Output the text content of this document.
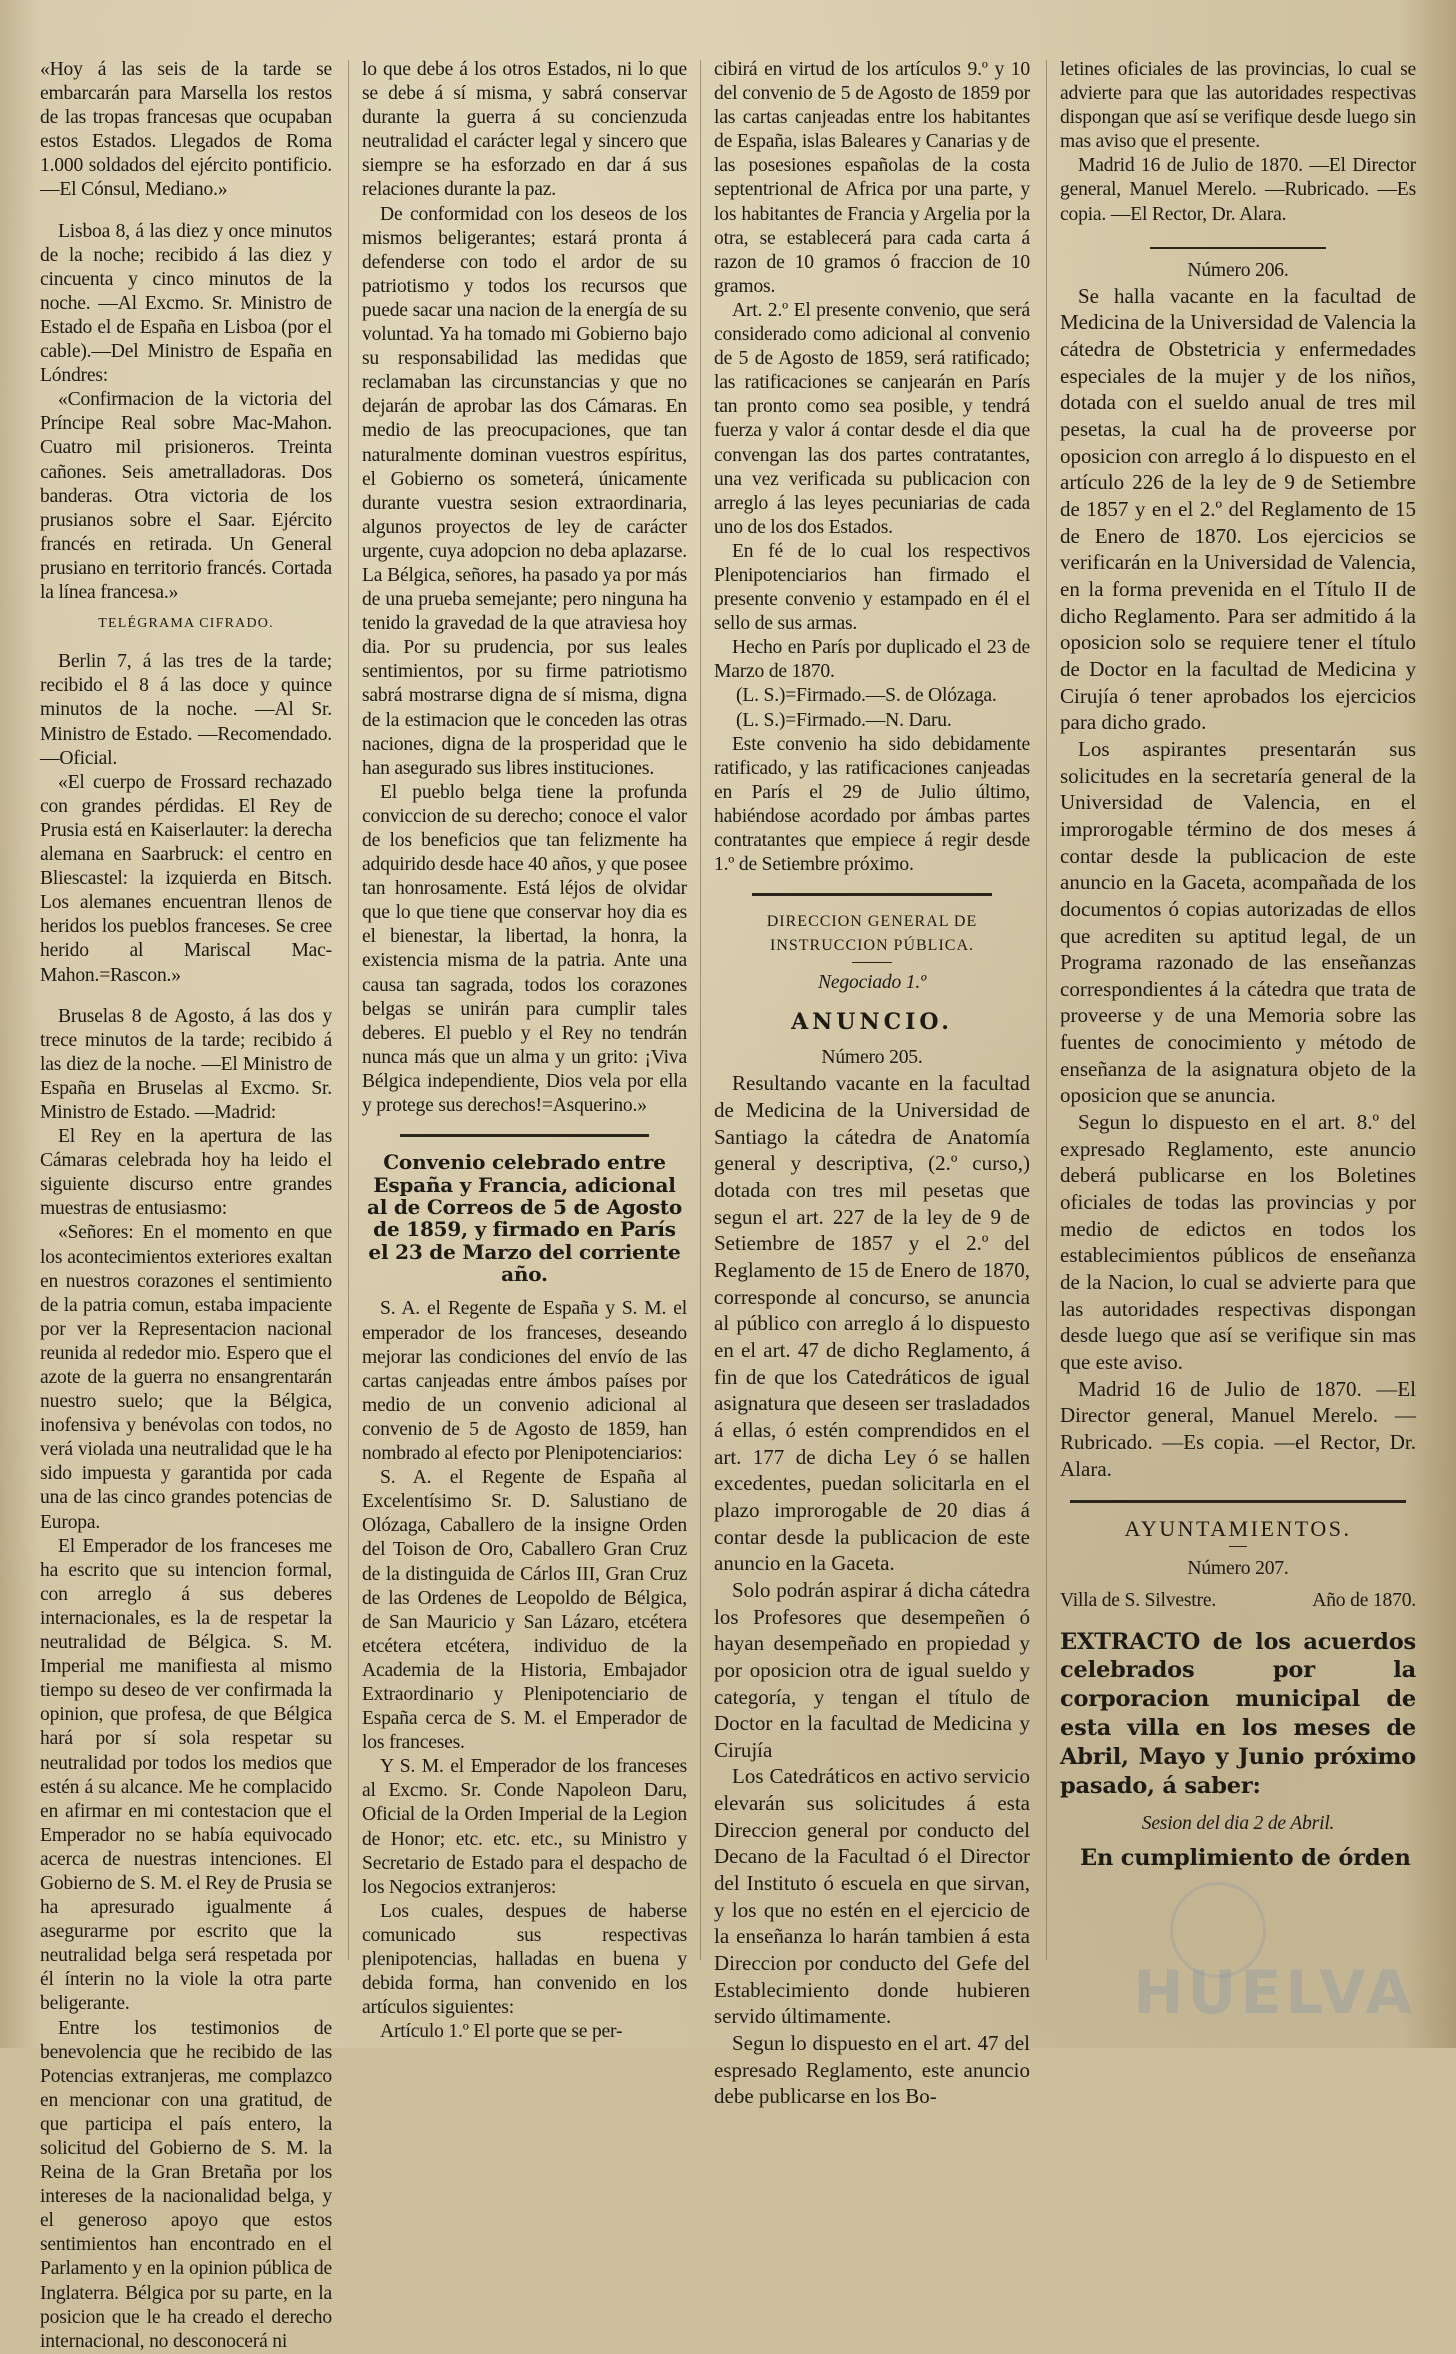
«Hoy á las seis de la tarde se embarcarán para Marsella los restos de las tropas francesas que ocupaban estos Estados. Llegados de Roma 1.000 soldados del ejército pontificio. —El Cónsul, Mediano.»

Lisboa 8, á las diez y once minutos de la noche; recibido á las diez y cincuenta y cinco minutos de la noche. —Al Excmo. Sr. Ministro de Estado el de España en Lisboa (por el cable).—Del Ministro de España en Lóndres:

«Confirmacion de la victoria del Príncipe Real sobre Mac-Mahon. Cuatro mil prisioneros. Treinta cañones. Seis ametralladoras. Dos banderas. Otra victoria de los prusianos sobre el Saar. Ejército francés en retirada. Un General prusiano en territorio francés. Cortada la línea francesa.»

TELÉGRAMA CIFRADO.

Berlin 7, á las tres de la tarde; recibido el 8 á las doce y quince minutos de la noche. —Al Sr. Ministro de Estado. —Recomendado. —Oficial.

«El cuerpo de Frossard rechazado con grandes pérdidas. El Rey de Prusia está en Kaiserlauter: la derecha alemana en Saarbruck: el centro en Bliescastel: la izquierda en Bitsch. Los alemanes encuentran llenos de heridos los pueblos franceses. Se cree herido al Mariscal Mac-Mahon.=Rascon.»

Bruselas 8 de Agosto, á las dos y trece minutos de la tarde; recibido á las diez de la noche. —El Ministro de España en Bruselas al Excmo. Sr. Ministro de Estado. —Madrid:

El Rey en la apertura de las Cámaras celebrada hoy ha leido el siguiente discurso entre grandes muestras de entusiasmo:

«Señores: En el momento en que los acontecimientos exteriores exaltan en nuestros corazones el sentimiento de la patria comun, estaba impaciente por ver la Representacion nacional reunida al rededor mio. Espero que el azote de la guerra no ensangrentarán nuestro suelo; que la Bélgica, inofensiva y benévolas con todos, no verá violada una neutralidad que le ha sido impuesta y garantida por cada una de las cinco grandes potencias de Europa.

El Emperador de los franceses me ha escrito que su intencion formal, con arreglo á sus deberes internacionales, es la de respetar la neutralidad de Bélgica. S. M. Imperial me manifiesta al mismo tiempo su deseo de ver confirmada la opinion, que profesa, de que Bélgica hará por sí sola respetar su neutralidad por todos los medios que estén á su alcance. Me he complacido en afirmar en mi contestacion que el Emperador no se había equivocado acerca de nuestras intenciones. El Gobierno de S. M. el Rey de Prusia se ha apresurado igualmente á asegurarme por escrito que la neutralidad belga será respetada por él ínterin no la viole la otra parte beligerante.

Entre los testimonios de benevolencia que he recibido de las Potencias extranjeras, me complazco en mencionar con una gratitud, de que participa el país entero, la solicitud del Gobierno de S. M. la Reina de la Gran Bretaña por los intereses de la nacionalidad belga, y el generoso apoyo que estos sentimientos han encontrado en el Parlamento y en la opinion pública de Inglaterra. Bélgica por su parte, en la posicion que le ha creado el derecho internacional, no desconocerá ni

lo que debe á los otros Estados, ni lo que se debe á sí misma, y sabrá conservar durante la guerra á su concienzuda neutralidad el carácter legal y sincero que siempre se ha esforzado en dar á sus relaciones durante la paz.

De conformidad con los deseos de los mismos beligerantes; estará pronta á defenderse con todo el ardor de su patriotismo y todos los recursos que puede sacar una nacion de la energía de su voluntad. Ya ha tomado mi Gobierno bajo su responsabilidad las medidas que reclamaban las circunstancias y que no dejarán de aprobar las dos Cámaras. En medio de las preocupaciones, que tan naturalmente dominan vuestros espíritus, el Gobierno os someterá, únicamente durante vuestra sesion extraordinaria, algunos proyectos de ley de carácter urgente, cuya adopcion no deba aplazarse. La Bélgica, señores, ha pasado ya por más de una prueba semejante; pero ninguna ha tenido la gravedad de la que atraviesa hoy dia. Por su prudencia, por sus leales sentimientos, por su firme patriotismo sabrá mostrarse digna de sí misma, digna de la estimacion que le conceden las otras naciones, digna de la prosperidad que le han asegurado sus libres instituciones.

El pueblo belga tiene la profunda conviccion de su derecho; conoce el valor de los beneficios que tan felizmente ha adquirido desde hace 40 años, y que posee tan honrosamente. Está léjos de olvidar que lo que tiene que conservar hoy dia es el bienestar, la libertad, la honra, la existencia misma de la patria. Ante una causa tan sagrada, todos los corazones belgas se unirán para cumplir tales deberes. El pueblo y el Rey no tendrán nunca más que un alma y un grito: ¡Viva Bélgica independiente, Dios vela por ella y protege sus derechos!=Asquerino.»

Convenio celebrado entre España y Francia, adicional al de Correos de 5 de Agosto de 1859, y firmado en París el 23 de Marzo del corriente año.

S. A. el Regente de España y S. M. el emperador de los franceses, deseando mejorar las condiciones del envío de las cartas canjeadas entre ámbos países por medio de un convenio adicional al convenio de 5 de Agosto de 1859, han nombrado al efecto por Plenipotenciarios:

S. A. el Regente de España al Excelentísimo Sr. D. Salustiano de Olózaga, Caballero de la insigne Orden del Toison de Oro, Caballero Gran Cruz de la distinguida de Cárlos III, Gran Cruz de las Ordenes de Leopoldo de Bélgica, de San Mauricio y San Lázaro, etcétera etcétera etcétera, individuo de la Academia de la Historia, Embajador Extraordinario y Plenipotenciario de España cerca de S. M. el Emperador de los franceses.

Y S. M. el Emperador de los franceses al Excmo. Sr. Conde Napoleon Daru, Oficial de la Orden Imperial de la Legion de Honor; etc. etc. etc., su Ministro y Secretario de Estado para el despacho de los Negocios extranjeros:

Los cuales, despues de haberse comunicado sus respectivas plenipotencias, halladas en buena y debida forma, han convenido en los artículos siguientes:

Artículo 1.º El porte que se per-

cibirá en virtud de los artículos 9.º y 10 del convenio de 5 de Agosto de 1859 por las cartas canjeadas entre los habitantes de España, islas Baleares y Canarias y de las posesiones españolas de la costa septentrional de Africa por una parte, y los habitantes de Francia y Argelia por la otra, se establecerá para cada carta á razon de 10 gramos ó fraccion de 10 gramos.

Art. 2.º El presente convenio, que será considerado como adicional al convenio de 5 de Agosto de 1859, será ratificado; las ratificaciones se canjearán en París tan pronto como sea posible, y tendrá fuerza y valor á contar desde el dia que convengan las dos partes contratantes, una vez verificada su publicacion con arreglo á las leyes pecuniarias de cada uno de los dos Estados.

En fé de lo cual los respectivos Plenipotenciarios han firmado el presente convenio y estampado en él el sello de sus armas.

Hecho en París por duplicado el 23 de Marzo de 1870.

(L. S.)=Firmado.—S. de Olózaga.

(L. S.)=Firmado.—N. Daru.

Este convenio ha sido debidamente ratificado, y las ratificaciones canjeadas en París el 29 de Julio último, habiéndose acordado por ámbas partes contratantes que empiece á regir desde 1.º de Setiembre próximo.

DIRECCION GENERAL DE INSTRUCCION PÚBLICA.
Negociado 1.º
ANUNCIO.
Número 205.

Resultando vacante en la facultad de Medicina de la Universidad de Santiago la cátedra de Anatomía general y descriptiva, (2.º curso,) dotada con tres mil pesetas que segun el art. 227 de la ley de 9 de Setiembre de 1857 y el 2.º del Reglamento de 15 de Enero de 1870, corresponde al concurso, se anuncia al público con arreglo á lo dispuesto en el art. 47 de dicho Reglamento, á fin de que los Catedráticos de igual asignatura que deseen ser trasladados á ellas, ó estén comprendidos en el art. 177 de dicha Ley ó se hallen excedentes, puedan solicitarla en el plazo improrogable de 20 dias á contar desde la publicacion de este anuncio en la Gaceta.

Solo podrán aspirar á dicha cátedra los Profesores que desempeñen ó hayan desempeñado en propiedad y por oposicion otra de igual sueldo y categoría, y tengan el título de Doctor en la facultad de Medicina y Cirujía

Los Catedráticos en activo servicio elevarán sus solicitudes á esta Direccion general por conducto del Decano de la Facultad ó el Director del Instituto ó escuela en que sirvan, y los que no estén en el ejercicio de la enseñanza lo harán tambien á esta Direccion por conducto del Gefe del Establecimiento donde hubieren servido últimamente.

Segun lo dispuesto en el art. 47 del espresado Reglamento, este anuncio debe publicarse en los Bo-

letines oficiales de las provincias, lo cual se advierte para que las autoridades respectivas dispongan que así se verifique desde luego sin mas aviso que el presente.

Madrid 16 de Julio de 1870. —El Director general, Manuel Merelo. —Rubricado. —Es copia. —El Rector, Dr. Alara.

Número 206.

Se halla vacante en la facultad de Medicina de la Universidad de Valencia la cátedra de Obstetricia y enfermedades especiales de la mujer y de los niños, dotada con el sueldo anual de tres mil pesetas, la cual ha de proveerse por oposicion con arreglo á lo dispuesto en el artículo 226 de la ley de 9 de Setiembre de 1857 y en el 2.º del Reglamento de 15 de Enero de 1870. Los ejercicios se verificarán en la Universidad de Valencia, en la forma prevenida en el Título II de dicho Reglamento. Para ser admitido á la oposicion solo se requiere tener el título de Doctor en la facultad de Medicina y Cirujía ó tener aprobados los ejercicios para dicho grado.

Los aspirantes presentarán sus solicitudes en la secretaría general de la Universidad de Valencia, en el improrogable término de dos meses á contar desde la publicacion de este anuncio en la Gaceta, acompañada de los documentos ó copias autorizadas de ellos que acrediten su aptitud legal, de un Programa razonado de las enseñanzas correspondientes á la cátedra que trata de proveerse y de una Memoria sobre las fuentes de conocimiento y método de enseñanza de la asignatura objeto de la oposicion que se anuncia.

Segun lo dispuesto en el art. 8.º del expresado Reglamento, este anuncio deberá publicarse en los Boletines oficiales de todas las provincias y por medio de edictos en todos los establecimientos públicos de enseñanza de la Nacion, lo cual se advierte para que las autoridades respectivas dispongan desde luego que así se verifique sin mas que este aviso.

Madrid 16 de Julio de 1870. —El Director general, Manuel Merelo. —Rubricado. —Es copia. —el Rector, Dr. Alara.

AYUNTAMIENTOS.
Número 207.
Villa de S. Silvestre.	Año de 1870.
EXTRACTO de los acuerdos celebrados por la corporacion municipal de esta villa en los meses de Abril, Mayo y Junio próximo pasado, á saber:
Sesion del dia 2 de Abril.
En cumplimiento de órden
HUELVA
